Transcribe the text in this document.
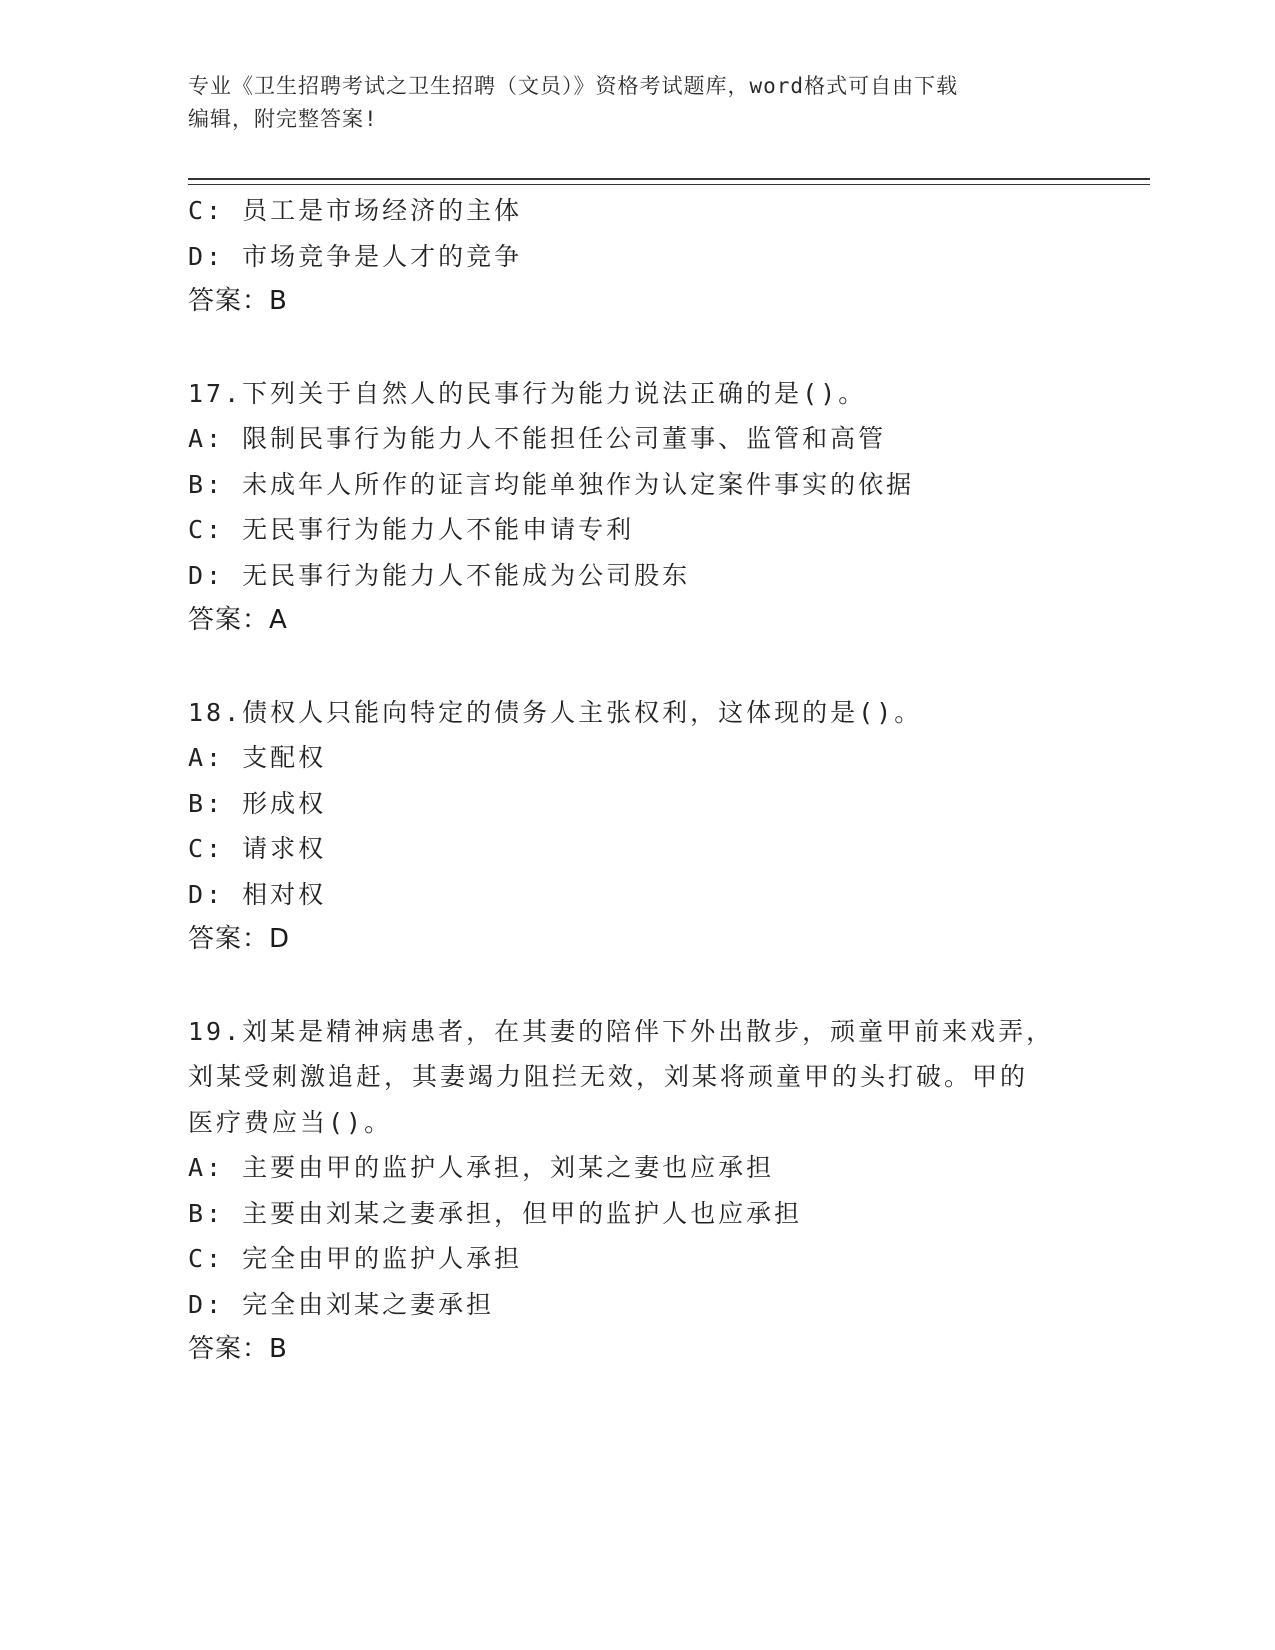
专业《卫生招聘考试之卫生招聘（文员）》资格考试题库，word格式可自由下载
编辑，附完整答案!
C: 员工是市场经济的主体
D: 市场竞争是人才的竞争
答案：B
17.下列关于自然人的民事行为能力说法正确的是()。
A: 限制民事行为能力人不能担任公司董事、监管和高管
B: 未成年人所作的证言均能单独作为认定案件事实的依据
C: 无民事行为能力人不能申请专利
D: 无民事行为能力人不能成为公司股东
答案：A
18.债权人只能向特定的债务人主张权利，这体现的是()。
A: 支配权
B: 形成权
C: 请求权
D: 相对权
答案：D
19.刘某是精神病患者，在其妻的陪伴下外出散步，顽童甲前来戏弄，
刘某受刺激追赶，其妻竭力阻拦无效，刘某将顽童甲的头打破。甲的
医疗费应当()。
A: 主要由甲的监护人承担，刘某之妻也应承担
B: 主要由刘某之妻承担，但甲的监护人也应承担
C: 完全由甲的监护人承担
D: 完全由刘某之妻承担
答案：B
